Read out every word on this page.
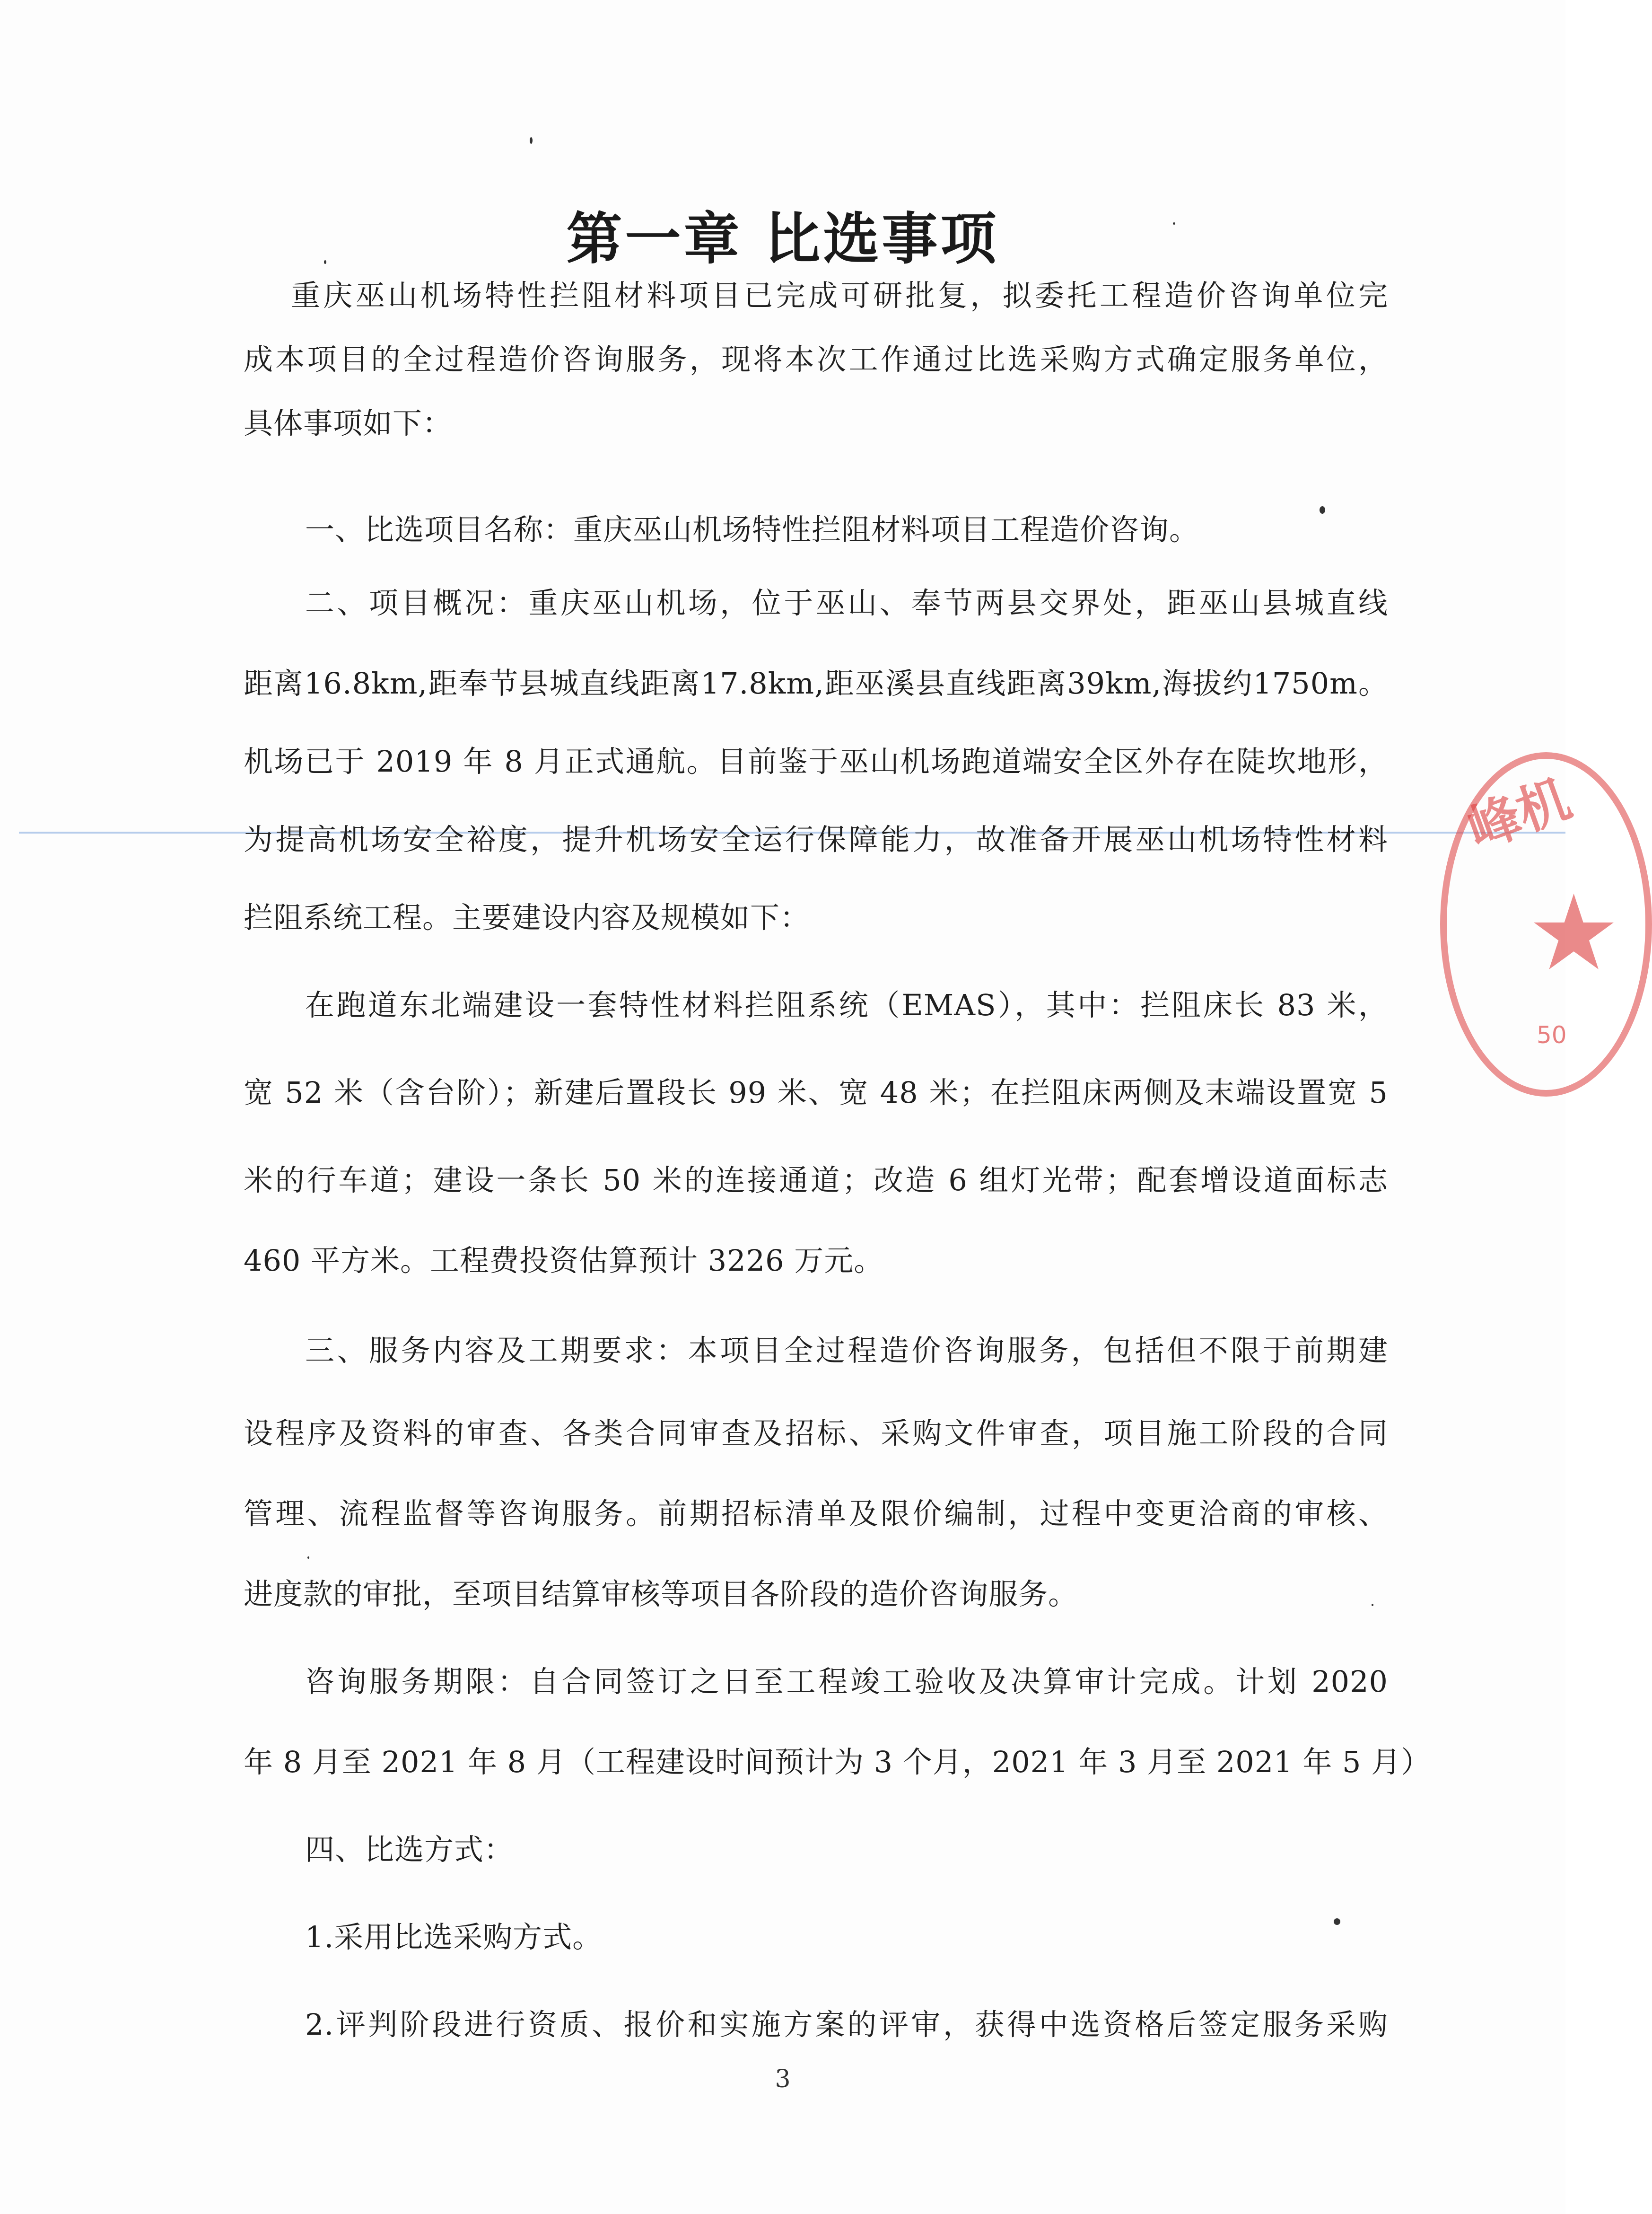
峰机
★
50
第一章 比选事项

重庆巫山机场特性拦阻材料项目已完成可研批复，拟委托工程造价咨询单位完

成本项目的全过程造价咨询服务，现将本次工作通过比选采购方式确定服务单位，

具体事项如下：

一、比选项目名称：重庆巫山机场特性拦阻材料项目工程造价咨询。

二、项目概况：重庆巫山机场，位于巫山、奉节两县交界处，距巫山县城直线

距离16.8km,距奉节县城直线距离17.8km,距巫溪县直线距离39km,海拔约1750m。

机场已于 2019 年 8 月正式通航。目前鉴于巫山机场跑道端安全区外存在陡坎地形，

为提高机场安全裕度，提升机场安全运行保障能力，故准备开展巫山机场特性材料

拦阻系统工程。主要建设内容及规模如下：

在跑道东北端建设一套特性材料拦阻系统（EMAS），其中：拦阻床长 83 米，

宽 52 米（含台阶）；新建后置段长 99 米、宽 48 米；在拦阻床两侧及末端设置宽 5

米的行车道；建设一条长 50 米的连接通道；改造 6 组灯光带；配套增设道面标志

460 平方米。工程费投资估算预计 3226 万元。

三、服务内容及工期要求：本项目全过程造价咨询服务，包括但不限于前期建

设程序及资料的审查、各类合同审查及招标、采购文件审查，项目施工阶段的合同

管理、流程监督等咨询服务。前期招标清单及限价编制，过程中变更洽商的审核、

进度款的审批，至项目结算审核等项目各阶段的造价咨询服务。

咨询服务期限：自合同签订之日至工程竣工验收及决算审计完成。计划 2020

年 8 月至 2021 年 8 月（工程建设时间预计为 3 个月，2021 年 3 月至 2021 年 5 月）

四、比选方式：

1.采用比选采购方式。

2.评判阶段进行资质、报价和实施方案的评审，获得中选资格后签定服务采购

3
